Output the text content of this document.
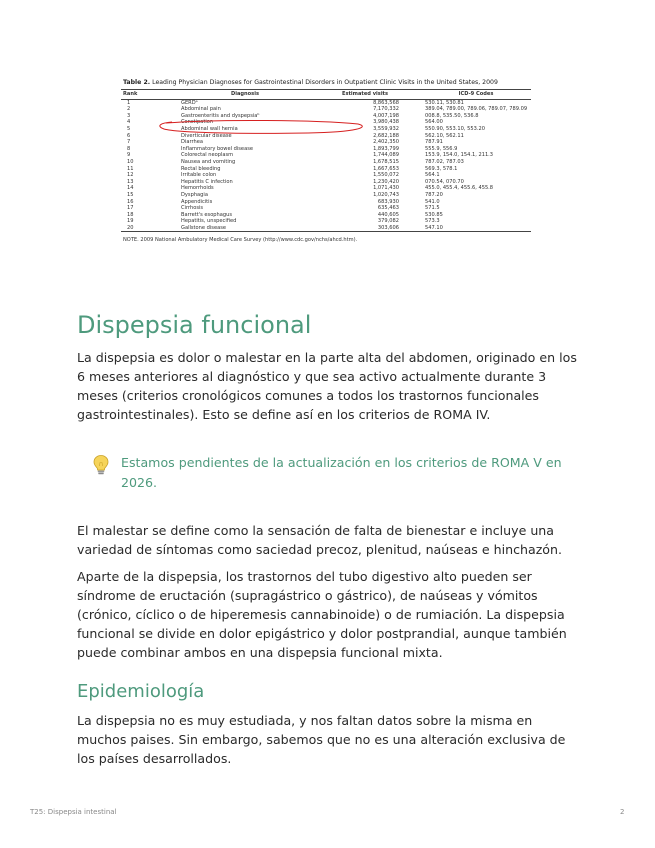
Table 2. Leading Physician Diagnoses for Gastrointestinal Disorders in Outpatient Clinic Visits in the United States, 2009
Rank	Diagnosis	Estimated visits	ICD-9 Codes
1	GERDᵃ	8,863,568	530.11, 530.81
2	Abdominal pain	7,170,332	389.04, 789.00, 789.06, 789.07, 789.09
3	Gastroenteritis and dyspepsiaᵇ	4,007,198	008.8, 535.50, 536.8
4	Constipation	3,980,438	564.00
5	Abdominal wall hernia	3,559,932	550.90, 553.10, 553.20
6	Diverticular disease	2,682,188	562.10, 562.11
7	Diarrhea	2,402,350	787.91
8	Inflammatory bowel disease	1,893,799	555.9, 556.9
9	Colorectal neoplasm	1,744,089	153.9, 154.0, 154.1, 211.3
10	Nausea and vomiting	1,678,515	787.02, 787.03
11	Rectal bleeding	1,667,653	569.3, 578.1
12	Irritable colon	1,550,072	564.1
13	Hepatitis C infection	1,230,420	070.54, 070.70
14	Hemorrhoids	1,071,430	455.0, 455.4, 455.6, 455.8
15	Dysphagia	1,020,743	787.20
16	Appendicitis	683,930	541.0
17	Cirrhosis	635,463	571.5
18	Barrett's esophagus	440,605	530.85
19	Hepatitis, unspecified	379,082	573.3
20	Gallstone disease	303,606	547.10
NOTE. 2009 National Ambulatory Medical Care Survey (http://www.cdc.gov/nchs/ahcd.htm).
Dispepsia funcional

La dispepsia es dolor o malestar en la parte alta del abdomen, originado en los 6 meses anteriores al diagnóstico y que sea activo actualmente durante 3 meses (criterios cronológicos comunes a todos los trastornos funcionales gastrointestinales). Esto se define así en los criterios de ROMA IV.

Estamos pendientes de la actualización en los criterios de ROMA V en 2026.

El malestar se define como la sensación de falta de bienestar e incluye una variedad de síntomas como saciedad precoz, plenitud, naúseas e hinchazón.

Aparte de la dispepsia, los trastornos del tubo digestivo alto pueden ser síndrome de eructación (supragástrico o gástrico), de naúseas y vómitos (crónico, cíclico o de hiperemesis cannabinoide) o de rumiación. La dispepsia funcional se divide en dolor epigástrico y dolor postprandial, aunque también puede combinar ambos en una dispepsia funcional mixta.

Epidemiología

La dispepsia no es muy estudiada, y nos faltan datos sobre la misma en muchos paises. Sin embargo, sabemos que no es una alteración exclusiva de los países desarrollados.

T25: Dispepsia intestinal	2
